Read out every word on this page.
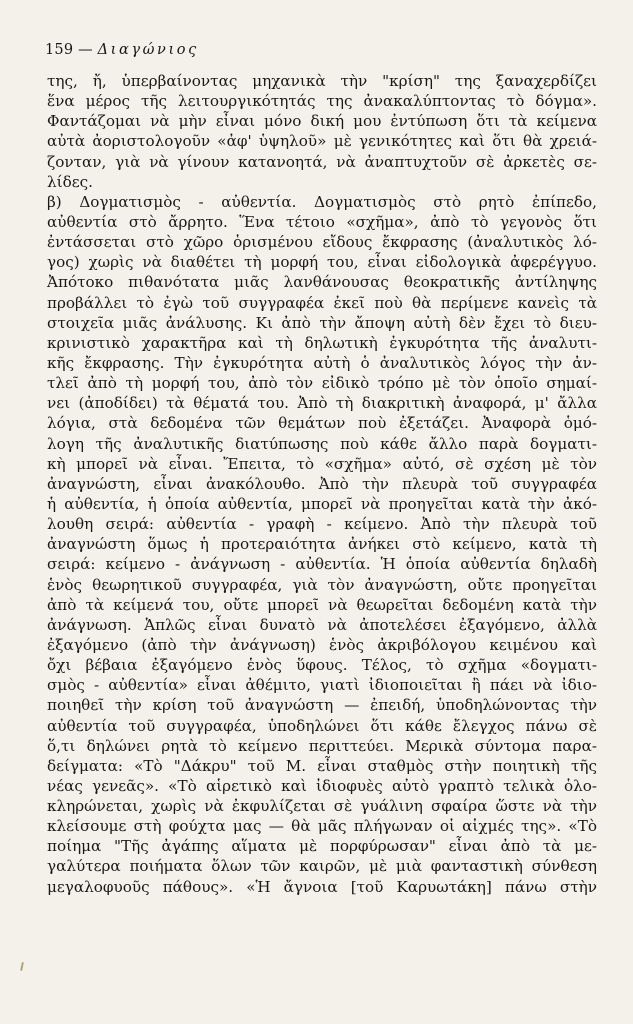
159 — Διαγώνιος
της, ἤ, ὑπερβαίνοντας μηχανικὰ τὴν "κρίση" της ξαναχερδίζει
ἕνα μέρος τῆς λειτουργικότητάς της ἀνακαλύπτοντας τὸ δόγμα».
Φαντάζομαι νὰ μὴν εἶναι μόνο δική μου ἐντύπωση ὅτι τὰ κείμενα
αὐτὰ ἀοριστολογοῦν «ἀφ' ὑψηλοῦ» μὲ γενικότητες καὶ ὅτι θὰ χρειά-
ζονταν, γιὰ νὰ γίνουν κατανοητά, νὰ ἀναπτυχτοῦν σὲ ἀρκετὲς σε-
λίδες.
β) Δογματισμὸς - αὐθεντία. Δογματισμὸς στὸ ρητὸ ἐπίπεδο,
αὐθεντία στὸ ἄρρητο. Ἕνα τέτοιο «σχῆμα», ἀπὸ τὸ γεγονὸς ὅτι
ἐντάσσεται στὸ χῶρο ὁρισμένου εἴδους ἔκφρασης (ἀναλυτικὸς λό-
γος) χωρὶς νὰ διαθέτει τὴ μορφή του, εἶναι εἰδολογικὰ ἀφερέγγυο.
Ἀπότοκο πιθανότατα μιᾶς λανθάνουσας θεοκρατικῆς ἀντίληψης
προβάλλει τὸ ἐγὼ τοῦ συγγραφέα ἐκεῖ ποὺ θὰ περίμενε κανεὶς τὰ
στοιχεῖα μιᾶς ἀνάλυσης. Κι ἀπὸ τὴν ἄποψη αὐτὴ δὲν ἔχει τὸ διευ-
κρινιστικὸ χαρακτῆρα καὶ τὴ δηλωτικὴ ἐγκυρότητα τῆς ἀναλυτι-
κῆς ἔκφρασης. Τὴν ἐγκυρότητα αὐτὴ ὁ ἀναλυτικὸς λόγος τὴν ἀν-
τλεῖ ἀπὸ τὴ μορφή του, ἀπὸ τὸν εἰδικὸ τρόπο μὲ τὸν ὁποῖο σημαί-
νει (ἀποδίδει) τὰ θέματά του. Ἀπὸ τὴ διακριτικὴ ἀναφορά, μ' ἄλλα
λόγια, στὰ δεδομένα τῶν θεμάτων ποὺ ἐξετάζει. Ἀναφορὰ ὁμό-
λογη τῆς ἀναλυτικῆς διατύπωσης ποὺ κάθε ἄλλο παρὰ δογματι-
κὴ μπορεῖ νὰ εἶναι. Ἔπειτα, τὸ «σχῆμα» αὐτό, σὲ σχέση μὲ τὸν
ἀναγνώστη, εἶναι ἀνακόλουθο. Ἀπὸ τὴν πλευρὰ τοῦ συγγραφέα
ἡ αὐθεντία, ἡ ὁποία αὐθεντία, μπορεῖ νὰ προηγεῖται κατὰ τὴν ἀκό-
λουθη σειρά: αὐθεντία - γραφὴ - κείμενο. Ἀπὸ τὴν πλευρὰ τοῦ
ἀναγνώστη ὅμως ἡ προτεραιότητα ἀνήκει στὸ κείμενο, κατὰ τὴ
σειρά: κείμενο - ἀνάγνωση - αὐθεντία. Ἡ ὁποία αὐθεντία δηλαδὴ
ἑνὸς θεωρητικοῦ συγγραφέα, γιὰ τὸν ἀναγνώστη, οὔτε προηγεῖται
ἀπὸ τὰ κείμενά του, οὔτε μπορεῖ νὰ θεωρεῖται δεδομένη κατὰ τὴν
ἀνάγνωση. Ἁπλῶς εἶναι δυνατὸ νὰ ἀποτελέσει ἐξαγόμενο, ἀλλὰ
ἐξαγόμενο (ἀπὸ τὴν ἀνάγνωση) ἑνὸς ἀκριβόλογου κειμένου καὶ
ὄχι βέβαια ἐξαγόμενο ἑνὸς ὕφους. Τέλος, τὸ σχῆμα «δογματι-
σμὸς - αὐθεντία» εἶναι ἀθέμιτο, γιατὶ ἰδιοποιεῖται ἢ πάει νὰ ἰδιο-
ποιηθεῖ τὴν κρίση τοῦ ἀναγνώστη — ἐπειδή, ὑποδηλώνοντας τὴν
αὐθεντία τοῦ συγγραφέα, ὑποδηλώνει ὅτι κάθε ἔλεγχος πάνω σὲ
ὅ,τι δηλώνει ρητὰ τὸ κείμενο περιττεύει. Μερικὰ σύντομα παρα-
δείγματα: «Τὸ "Δάκρυ" τοῦ Μ. εἶναι σταθμὸς στὴν ποιητικὴ τῆς
νέας γενεᾶς». «Τὸ αἱρετικὸ καὶ ἰδιοφυὲς αὐτὸ γραπτὸ τελικὰ ὁλο-
κληρώνεται, χωρὶς νὰ ἐκφυλίζεται σὲ γυάλινη σφαίρα ὥστε νὰ τὴν
κλείσουμε στὴ φούχτα μας — θὰ μᾶς πλήγωναν οἱ αἰχμές της». «Τὸ
ποίημα "Τῆς ἀγάπης αἵματα μὲ πορφύρωσαν" εἶναι ἀπὸ τὰ με-
γαλύτερα ποιήματα ὅλων τῶν καιρῶν, μὲ μιὰ φανταστικὴ σύνθεση
μεγαλοφυοῦς πάθους». «Ἡ ἄγνοια [τοῦ Καρυωτάκη] πάνω στὴν
